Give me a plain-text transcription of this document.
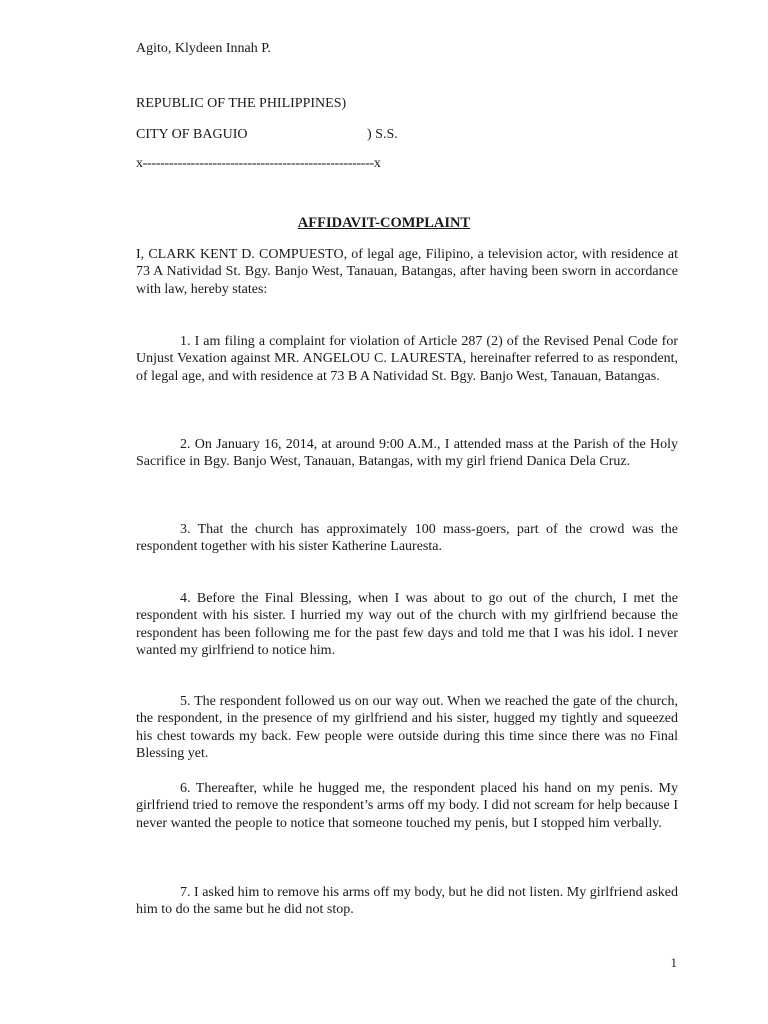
Agito, Klydeen Innah P.
REPUBLIC OF THE PHILIPPINES)
CITY OF BAGUIO	) S.S.
x-----------------------------------------------------x
AFFIDAVIT-COMPLAINT
I, CLARK KENT D. COMPUESTO, of legal age, Filipino, a television actor, with residence at 73 A Natividad St. Bgy. Banjo West, Tanauan, Batangas, after having been sworn in accordance with law, hereby states:
1. I am filing a complaint for violation of Article 287 (2) of the Revised Penal Code for Unjust Vexation against MR. ANGELOU C. LAURESTA, hereinafter referred to as respondent, of legal age, and with residence at 73 B A Natividad St. Bgy. Banjo West, Tanauan, Batangas.
2. On January 16, 2014, at around 9:00 A.M., I attended mass at the Parish of the Holy Sacrifice in Bgy. Banjo West, Tanauan, Batangas, with my girl friend Danica Dela Cruz.
3. That the church has approximately 100 mass-goers, part of the crowd was the respondent together with his sister Katherine Lauresta.
4. Before the Final Blessing, when I was about to go out of the church, I met the respondent with his sister. I hurried my way out of the church with my girlfriend because the respondent has been following me for the past few days and told me that I was his idol. I never wanted my girlfriend to notice him.
5. The respondent followed us on our way out. When we reached the gate of the church, the respondent, in the presence of my girlfriend and his sister, hugged my tightly and squeezed his chest towards my back. Few people were outside during this time since there was no Final Blessing yet.
6. Thereafter, while he hugged me, the respondent placed his hand on my penis. My girlfriend tried to remove the respondent’s arms off my body. I did not scream for help because I never wanted the people to notice that someone touched my penis, but I stopped him verbally.
7. I asked him to remove his arms off my body, but he did not listen. My girlfriend asked him to do the same but he did not stop.
1
